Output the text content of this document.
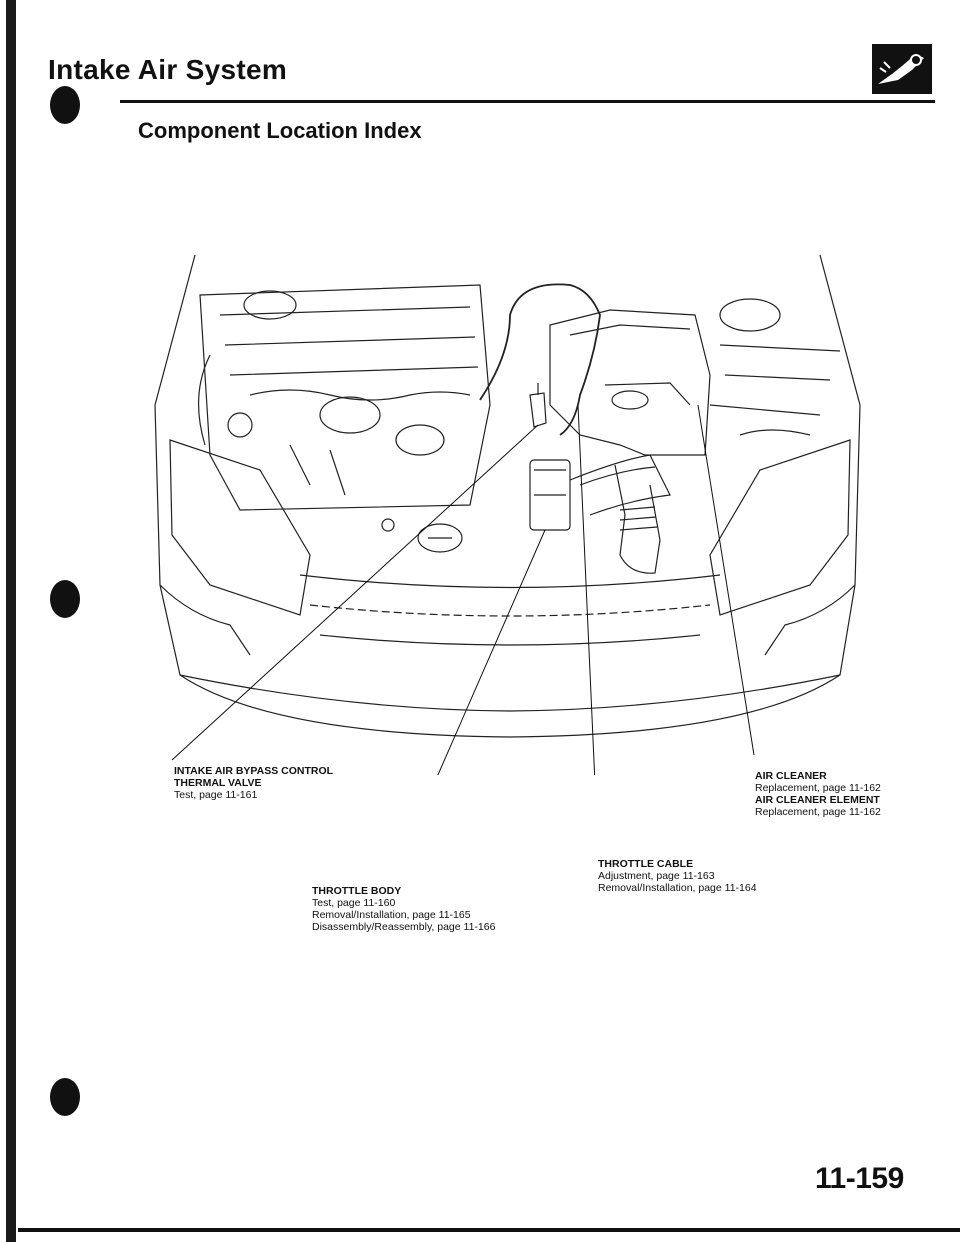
Intake Air System
Component Location Index
INTAKE AIR BYPASS CONTROL
THERMAL VALVE
Test, page 11-161
THROTTLE BODY
Test, page 11-160
Removal/Installation, page 11-165
Disassembly/Reassembly, page 11-166
THROTTLE CABLE
Adjustment, page 11-163
Removal/Installation, page 11-164
AIR CLEANER
Replacement, page 11-162
AIR CLEANER ELEMENT
Replacement, page 11-162
11-159
